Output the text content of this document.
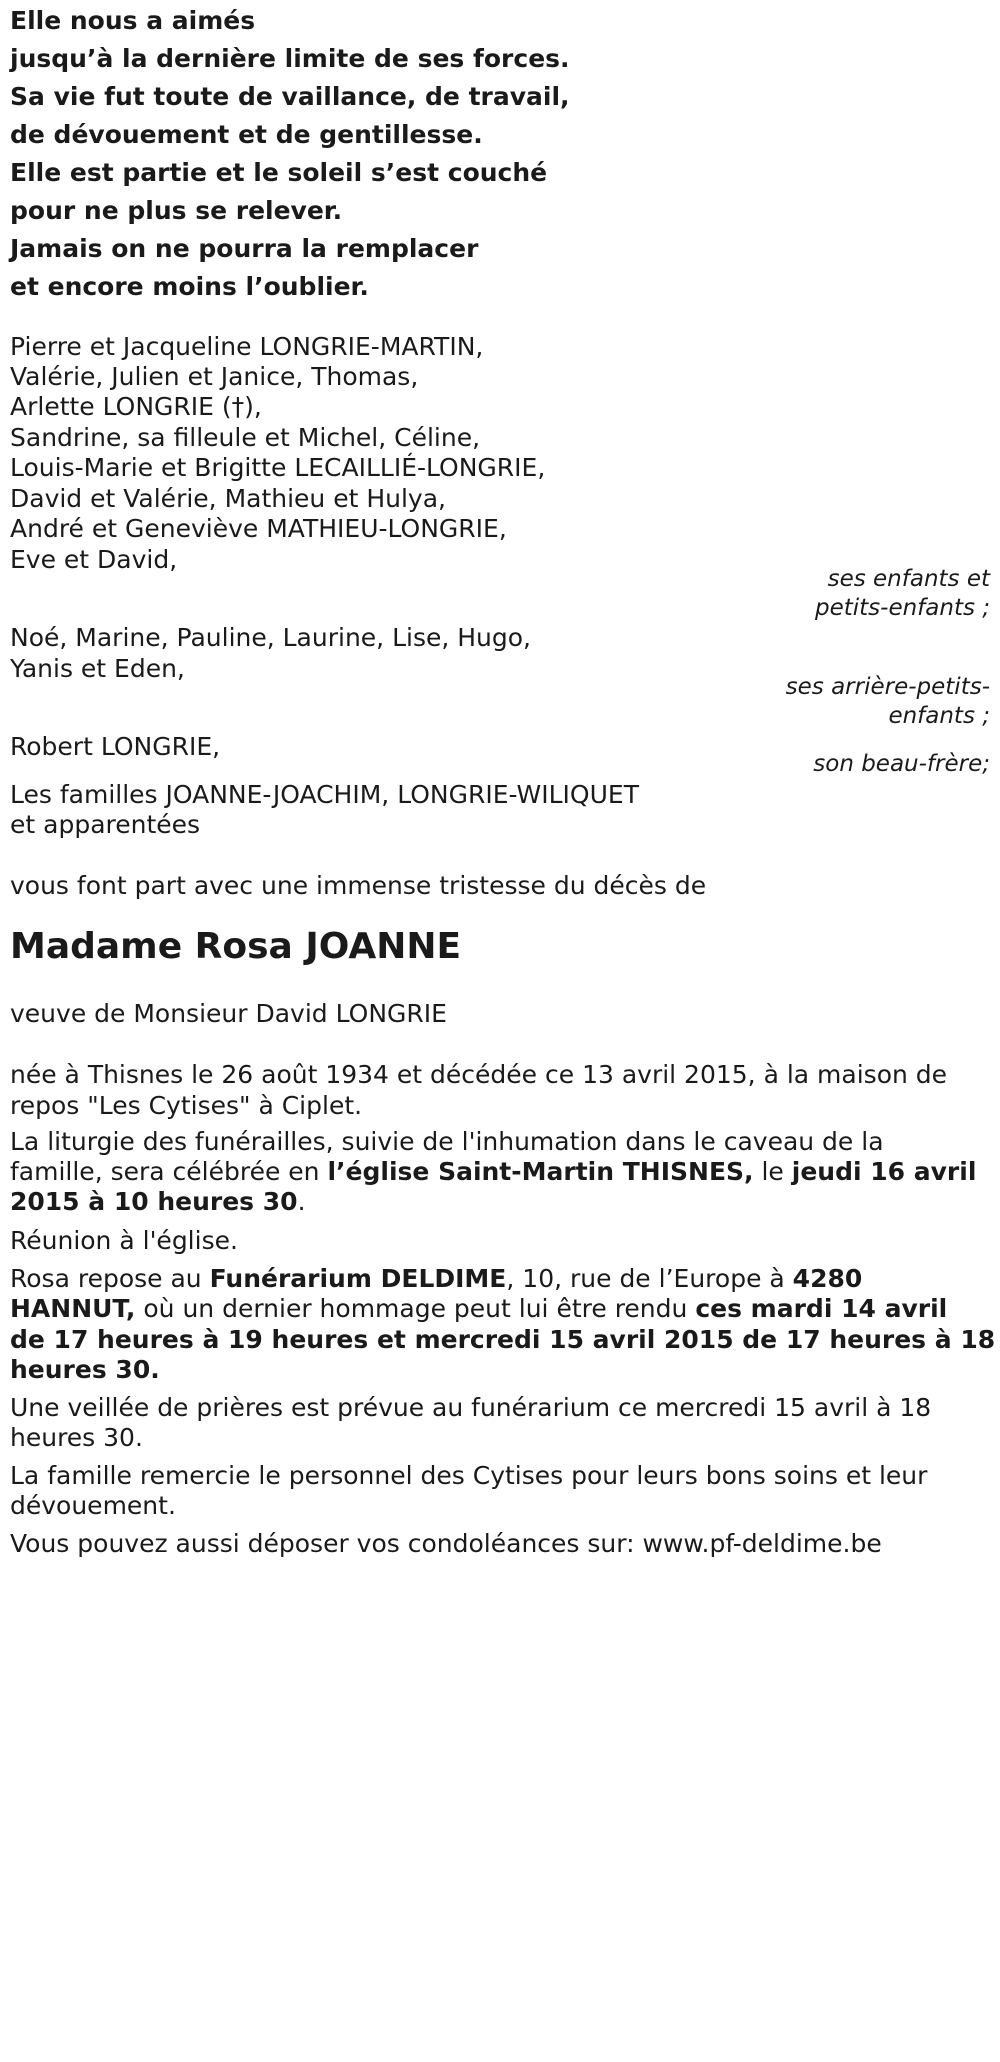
Elle nous a aimés

jusqu’à la dernière limite de ses forces.

Sa vie fut toute de vaillance, de travail,

de dévouement et de gentillesse.

Elle est partie et le soleil s’est couché

pour ne plus se relever.

Jamais on ne pourra la remplacer

et encore moins l’oublier.

Pierre et Jacqueline LONGRIE-MARTIN,

Valérie, Julien et Janice, Thomas,

Arlette LONGRIE (†),

Sandrine, sa filleule et Michel, Céline,

Louis-Marie et Brigitte LECAILLIÉ-LONGRIE,

David et Valérie, Mathieu et Hulya,

André et Geneviève MATHIEU-LONGRIE,

Eve et David,

ses enfants et

petits-enfants ;

Noé, Marine, Pauline, Laurine, Lise, Hugo,

Yanis et Eden,

ses arrière-petits-

enfants ;

Robert LONGRIE,

son beau-frère;

Les familles JOANNE-JOACHIM, LONGRIE-WILIQUET

et apparentées

vous font part avec une immense tristesse du décès de

Madame Rosa JOANNE

veuve de Monsieur David LONGRIE

née à Thisnes le 26 août 1934 et décédée ce 13 avril 2015, à la maison de

repos "Les Cytises" à Ciplet.

La liturgie des funérailles, suivie de l'inhumation dans le caveau de la

famille, sera célébrée en l’église Saint-Martin THISNES, le jeudi 16 avril

2015 à 10 heures 30.

Réunion à l'église.

Rosa repose au Funérarium DELDIME, 10, rue de l’Europe à 4280

HANNUT, où un dernier hommage peut lui être rendu ces mardi 14 avril

de 17 heures à 19 heures et mercredi 15 avril 2015 de 17 heures à 18

heures 30.

Une veillée de prières est prévue au funérarium ce mercredi 15 avril à 18

heures 30.

La famille remercie le personnel des Cytises pour leurs bons soins et leur

dévouement.

Vous pouvez aussi déposer vos condoléances sur: www.pf-deldime.be
